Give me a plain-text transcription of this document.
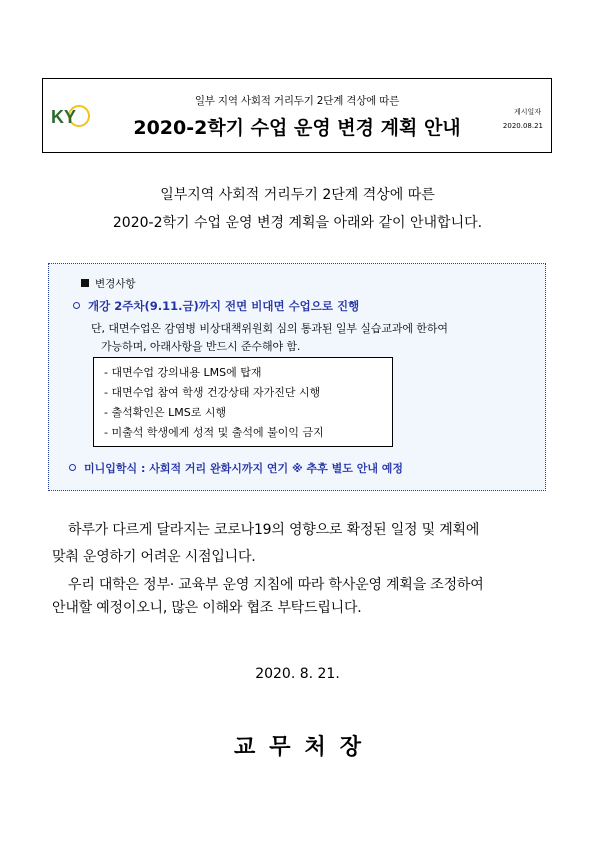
KY
일부 지역 사회적 거리두기 2단계 격상에 따른
2020-2학기 수업 운영 변경 계획 안내
게시일자
2020.08.21
일부지역 사회적 거리두기 2단계 격상에 따른
2020-2학기 수업 운영 변경 계획을 아래와 같이 안내합니다.
변경사항
개강 2주차(9.11.금)까지 전면 비대면 수업으로 진행
단, 대면수업은 감염병 비상대책위원회 심의 통과된 일부 실습교과에 한하여
가능하며, 아래사항을 반드시 준수해야 함.
- 대면수업 강의내용 LMS에 탑재
- 대면수업 참여 학생 건강상태 자가진단 시행
- 출석확인은 LMS로 시행
- 미출석 학생에게 성적 및 출석에 불이익 금지
미니입학식 : 사회적 거리 완화시까지 연기 ※ 추후 별도 안내 예정
하루가 다르게 달라지는 코로나19의 영향으로 확정된 일정 및 계획에
맞춰 운영하기 어려운 시점입니다.
우리 대학은 정부· 교육부 운영 지침에 따라 학사운영 계획을 조정하여
안내할 예정이오니, 많은 이해와 협조 부탁드립니다.
2020. 8. 21.
교무처장
